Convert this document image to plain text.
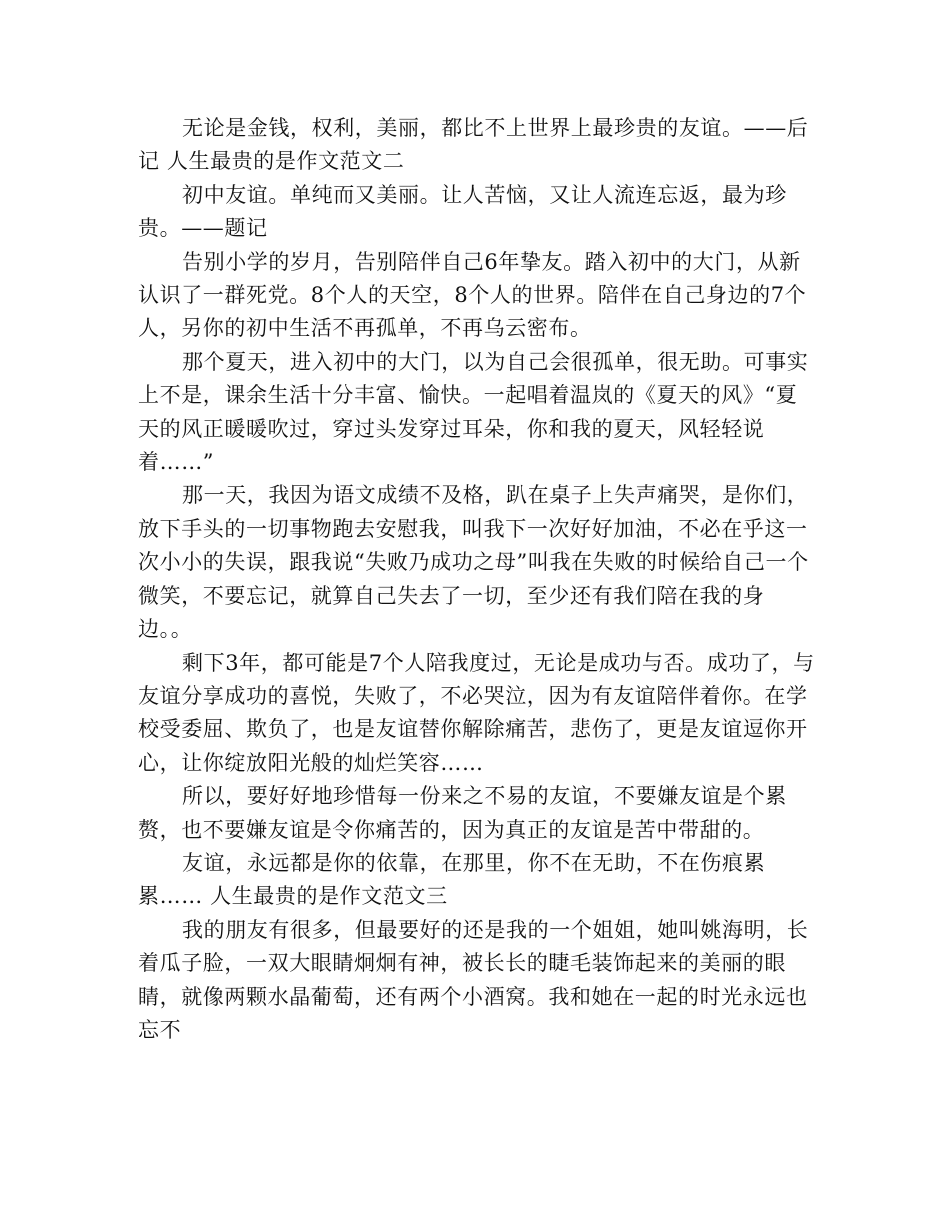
无论是金钱，权利，美丽，都比不上世界上最珍贵的友谊。——后记 人生最贵的是作文范文二

初中友谊。单纯而又美丽。让人苦恼，又让人流连忘返，最为珍贵。——题记

告别小学的岁月，告别陪伴自己6年挚友。踏入初中的大门，从新认识了一群死党。8个人的天空，8个人的世界。陪伴在自己身边的7个人，另你的初中生活不再孤单，不再乌云密布。

那个夏天，进入初中的大门，以为自己会很孤单，很无助。可事实上不是，课余生活十分丰富、愉快。一起唱着温岚的《夏天的风》“夏天的风正暖暖吹过，穿过头发穿过耳朵，你和我的夏天，风轻轻说着……”

那一天，我因为语文成绩不及格，趴在桌子上失声痛哭，是你们，放下手头的一切事物跑去安慰我，叫我下一次好好加油，不必在乎这一次小小的失误，跟我说“失败乃成功之母”叫我在失败的时候给自己一个微笑，不要忘记，就算自己失去了一切，至少还有我们陪在我的身边。。

剩下3年，都可能是7个人陪我度过，无论是成功与否。成功了，与友谊分享成功的喜悦，失败了，不必哭泣，因为有友谊陪伴着你。在学校受委屈、欺负了，也是友谊替你解除痛苦，悲伤了，更是友谊逗你开心，让你绽放阳光般的灿烂笑容……

所以，要好好地珍惜每一份来之不易的友谊，不要嫌友谊是个累赘，也不要嫌友谊是令你痛苦的，因为真正的友谊是苦中带甜的。

友谊，永远都是你的依靠，在那里，你不在无助，不在伤痕累累…… 人生最贵的是作文范文三

我的朋友有很多，但最要好的还是我的一个姐姐，她叫姚海明，长着瓜子脸，一双大眼睛炯炯有神，被长长的睫毛装饰起来的美丽的眼睛，就像两颗水晶葡萄，还有两个小酒窝。我和她在一起的时光永远也忘不
